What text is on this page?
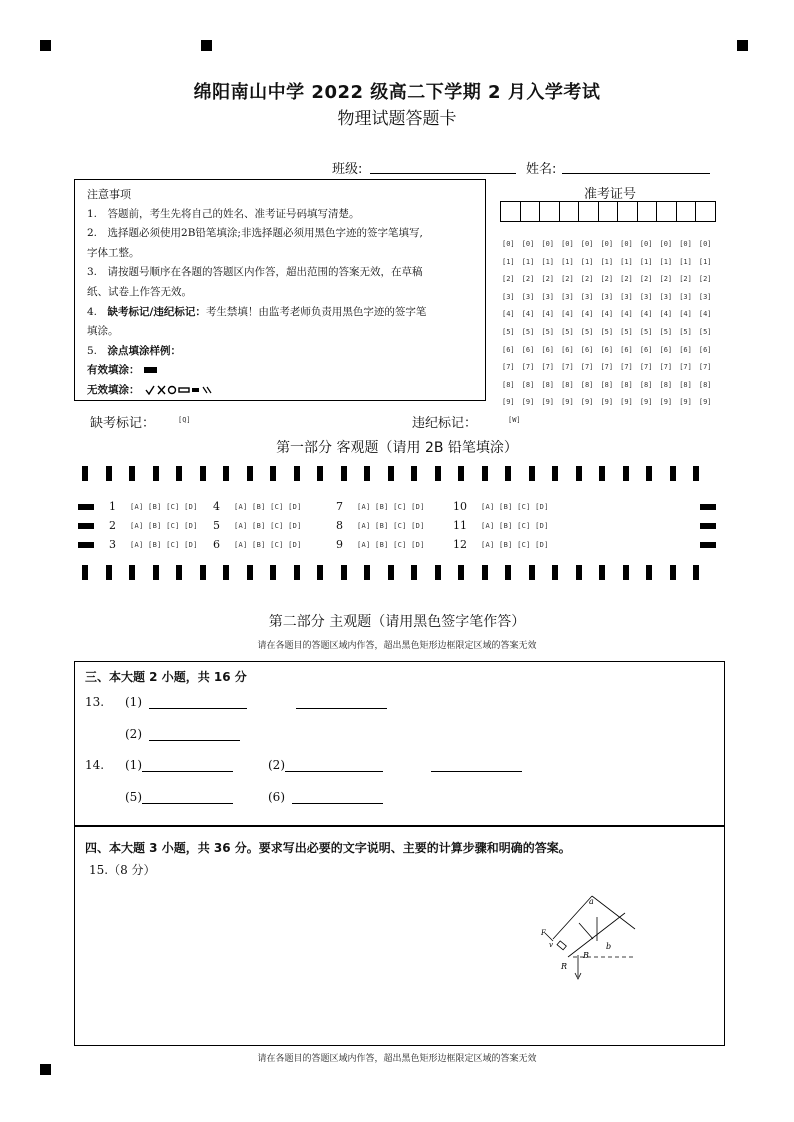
绵阳南山中学 2022 级高二下学期 2 月入学考试
物理试题答题卡
班级:	姓名:
注意事项
1.　答题前，考生先将自己的姓名、准考证号码填写清楚。
2.　选择题必须使用2B铅笔填涂;非选择题必须用黑色字迹的签字笔填写,
字体工整。
3.　请按题号顺序在各题的答题区内作答，超出范围的答案无效，在草稿
纸、试卷上作答无效。
4.　缺考标记/违纪标记：考生禁填！由监考老师负责用黑色字迹的签字笔
填涂。
5.　涂点填涂样例：
有效填涂：
无效填涂：
准考证号
[0] [0] [0] [0] [0] [0] [0] [0] [0] [0] [0]
[1] [1] [1] [1] [1] [1] [1] [1] [1] [1] [1]
[2] [2] [2] [2] [2] [2] [2] [2] [2] [2] [2]
[3] [3] [3] [3] [3] [3] [3] [3] [3] [3] [3]
[4] [4] [4] [4] [4] [4] [4] [4] [4] [4] [4]
[5] [5] [5] [5] [5] [5] [5] [5] [5] [5] [5]
[6] [6] [6] [6] [6] [6] [6] [6] [6] [6] [6]
[7] [7] [7] [7] [7] [7] [7] [7] [7] [7] [7]
[8] [8] [8] [8] [8] [8] [8] [8] [8] [8] [8]
[9] [9] [9] [9] [9] [9] [9] [9] [9] [9] [9]
缺考标记：	[Q]	违纪标记：	[W]
第一部分 客观题（请用 2B 铅笔填涂）
1 [A] [B] [C] [D]
2 [A] [B] [C] [D]
3 [A] [B] [C] [D]
4 [A] [B] [C] [D]
5 [A] [B] [C] [D]
6 [A] [B] [C] [D]
7 [A] [B] [C] [D]
8 [A] [B] [C] [D]
9 [A] [B] [C] [D]
10 [A] [B] [C] [D]
11 [A] [B] [C] [D]
12 [A] [B] [C] [D]
第二部分 主观题（请用黑色签字笔作答）
请在各题目的答题区域内作答，超出黑色矩形边框限定区域的答案无效
三、本大题 2 小题，共 16 分
13. (1)
(2)
14. (1)	(2)
(5)	(6)
四、本大题 3 小题，共 36 分。要求写出必要的文字说明、主要的计算步骤和明确的答案。
15.（8 分）
a
b
B
R
F
v
请在各题目的答题区域内作答，超出黑色矩形边框限定区域的答案无效
